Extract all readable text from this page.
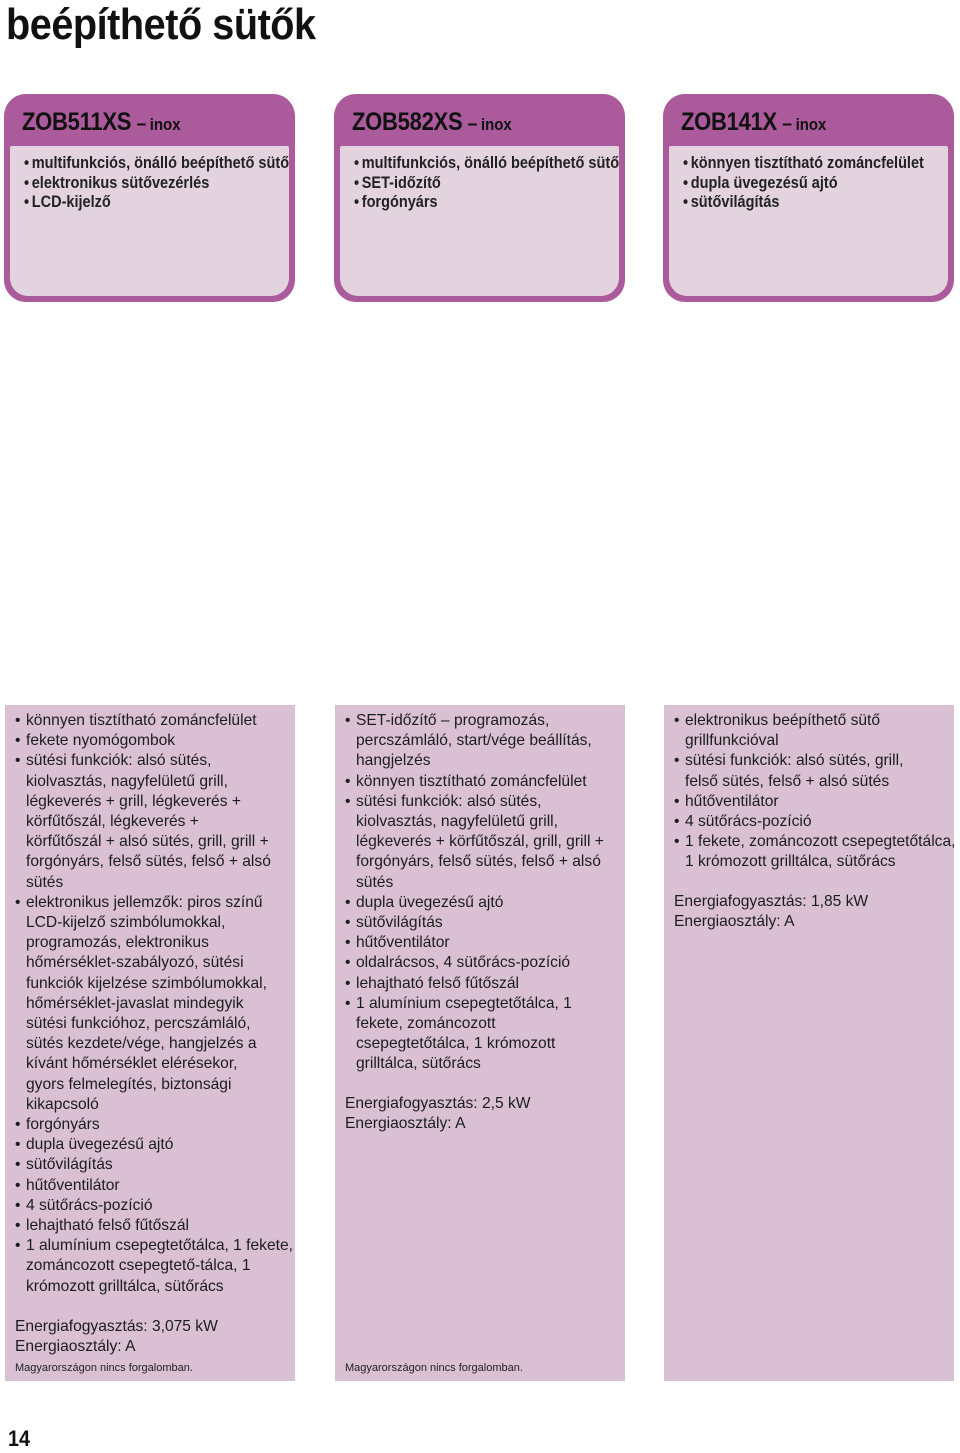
beépíthető sütők
ZOB511XS – inox
• multifunkciós, önálló beépíthető sütő
• elektronikus sütővezérlés
• LCD-kijelző
ZOB582XS – inox
• multifunkciós, önálló beépíthető sütő
• SET-időzítő
• forgónyárs
ZOB141X – inox
• könnyen tisztítható zománcfelület
• dupla üvegezésű ajtó
• sütővilágítás
• könnyen tisztítható zománcfelület
• fekete nyomógombok
• sütési funkciók: alsó sütés, kiolvasztás, nagyfelületű grill, légkeverés + grill, légkeverés + körfűtőszál, légkeverés + körfűtőszál + alsó sütés, grill, grill + forgónyárs, felső sütés, felső + alsó sütés
• elektronikus jellemzők: piros színű LCD-kijelző szimbólumokkal, programozás, elektronikus hőmérséklet-szabályozó, sütési funkciók kijelzése szimbólumokkal, hőmérséklet-javaslat mindegyik sütési funkcióhoz, percszámláló, sütés kezdete/vége, hangjelzés a kívánt hőmérséklet elérésekor, gyors felmelegítés, biztonsági kikapcsoló
• forgónyárs
• dupla üvegezésű ajtó
• sütővilágítás
• hűtőventilátor
• 4 sütőrács-pozíció
• lehajtható felső fűtőszál
• 1 alumínium csepegtetőtálca, 1 fekete, zománcozott csepegtető-tálca, 1 krómozott grilltálca, sütőrács
Energiafogyasztás: 3,075 kW
Energiaosztály: A
Magyarországon nincs forgalomban.
• SET-időzítő – programozás, percszámláló, start/vége beállítás, hangjelzés
• könnyen tisztítható zománcfelület
• sütési funkciók: alsó sütés, kiolvasztás, nagyfelületű grill, légkeverés + körfűtőszál, grill, grill + forgónyárs, felső sütés, felső + alsó sütés
• dupla üvegezésű ajtó
• sütővilágítás
• hűtőventilátor
• oldalrácsos, 4 sütőrács-pozíció
• lehajtható felső fűtőszál
• 1 alumínium csepegtetőtálca, 1 fekete, zománcozott csepegtetőtálca, 1 krómozott grilltálca, sütőrács
Energiafogyasztás: 2,5 kW
Energiaosztály: A
Magyarországon nincs forgalomban.
• elektronikus beépíthető sütő grillfunkcióval
• sütési funkciók: alsó sütés, grill, felső sütés, felső + alsó sütés
• hűtőventilátor
• 4 sütőrács-pozíció
• 1 fekete, zománcozott csepegtetőtálca, 1 krómozott grilltálca, sütőrács
Energiafogyasztás: 1,85 kW
Energiaosztály: A
14
